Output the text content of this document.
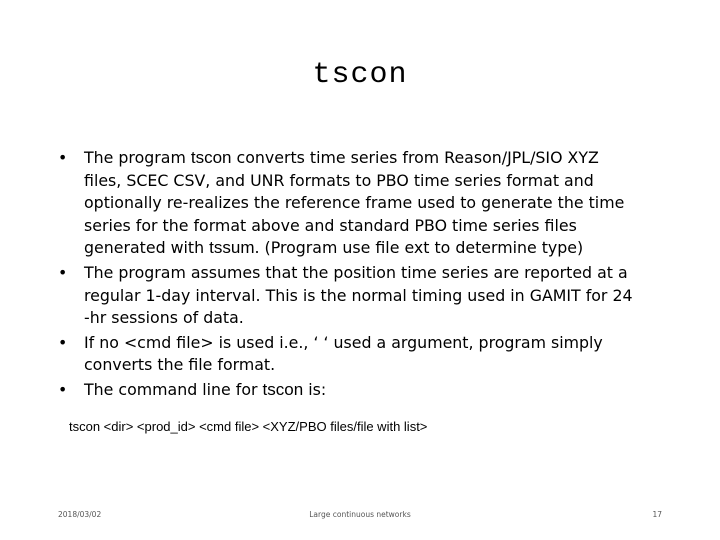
tscon
• The program tscon converts time series from Reason/JPL/SIO XYZ
files, SCEC CSV, and UNR formats to PBO time series format and
optionally re-realizes the reference frame used to generate the time
series for the format above and standard PBO time series files
generated with tssum. (Program use file ext to determine type)
• The program assumes that the position time series are reported at a
regular 1-day interval. This is the normal timing used in GAMIT for 24
-hr sessions of data.
• If no <cmd file> is used i.e., ‘ ‘ used a argument, program simply
converts the file format.
• The command line for tscon is:
tscon <dir> <prod_id> <cmd file> <XYZ/PBO files/file with list>
2018/03/02	Large continuous networks	17
